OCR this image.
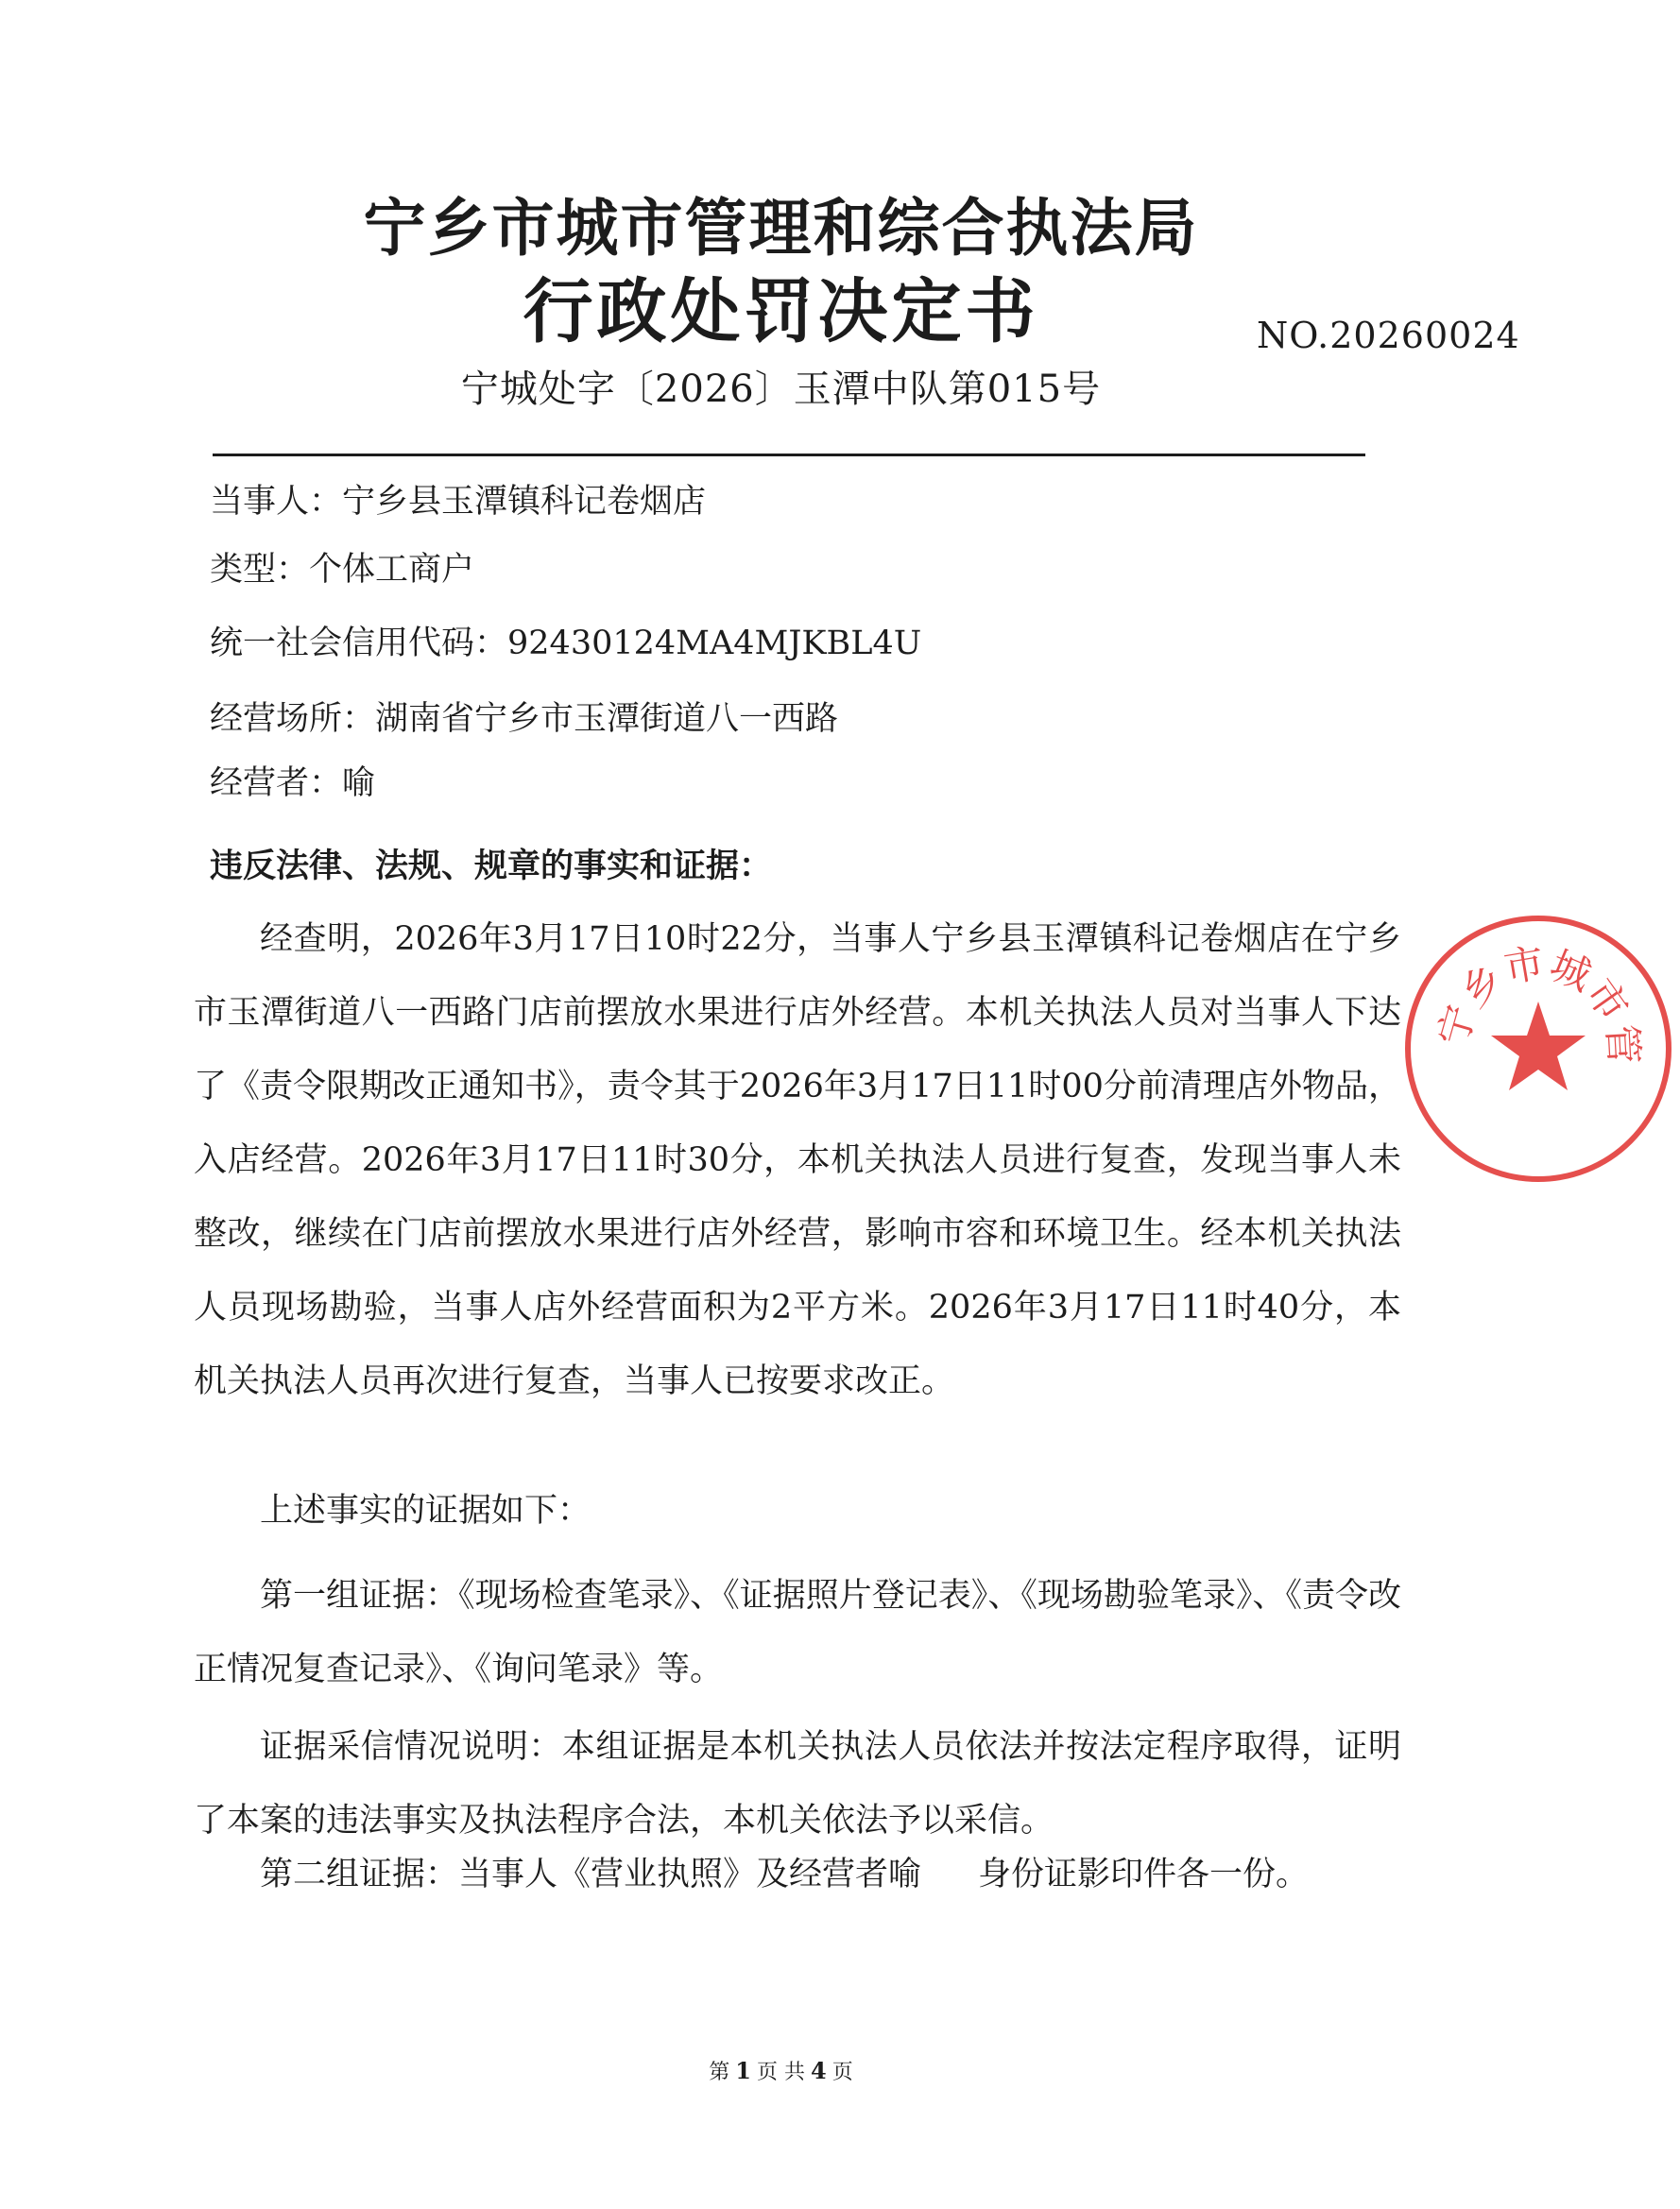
宁乡市城市管理和综合执法局
行政处罚决定书	NO.20260024
宁城处字〔2026〕玉潭中队第015号
当事人：宁乡县玉潭镇科记卷烟店
类型：个体工商户
统一社会信用代码：92430124MA4MJKBL4U
经营场所：湖南省宁乡市玉潭街道八一西路
经营者：喻
违反法律、法规、规章的事实和证据：
经查明，2026年3月17日10时22分，当事人宁乡县玉潭镇科记卷烟店在宁乡市玉潭街道八一西路门店前摆放水果进行店外经营。本机关执法人员对当事人下达了《责令限期改正通知书》，责令其于2026年3月17日11时00分前清理店外物品，入店经营。2026年3月17日11时30分，本机关执法人员进行复查，发现当事人未整改，继续在门店前摆放水果进行店外经营，影响市容和环境卫生。经本机关执法人员现场勘验，当事人店外经营面积为2平方米。2026年3月17日11时40分，本机关执法人员再次进行复查，当事人已按要求改正。
上述事实的证据如下：
第一组证据：《现场检查笔录》、《证据照片登记表》、《现场勘验笔录》、《责令改正情况复查记录》、《询问笔录》等。
证据采信情况说明：本组证据是本机关执法人员依法并按法定程序取得，证明了本案的违法事实及执法程序合法，本机关依法予以采信。
第二组证据：当事人《营业执照》及经营者喻 身份证影印件各一份。
第 1 页 共 4 页
宁乡市城市管
